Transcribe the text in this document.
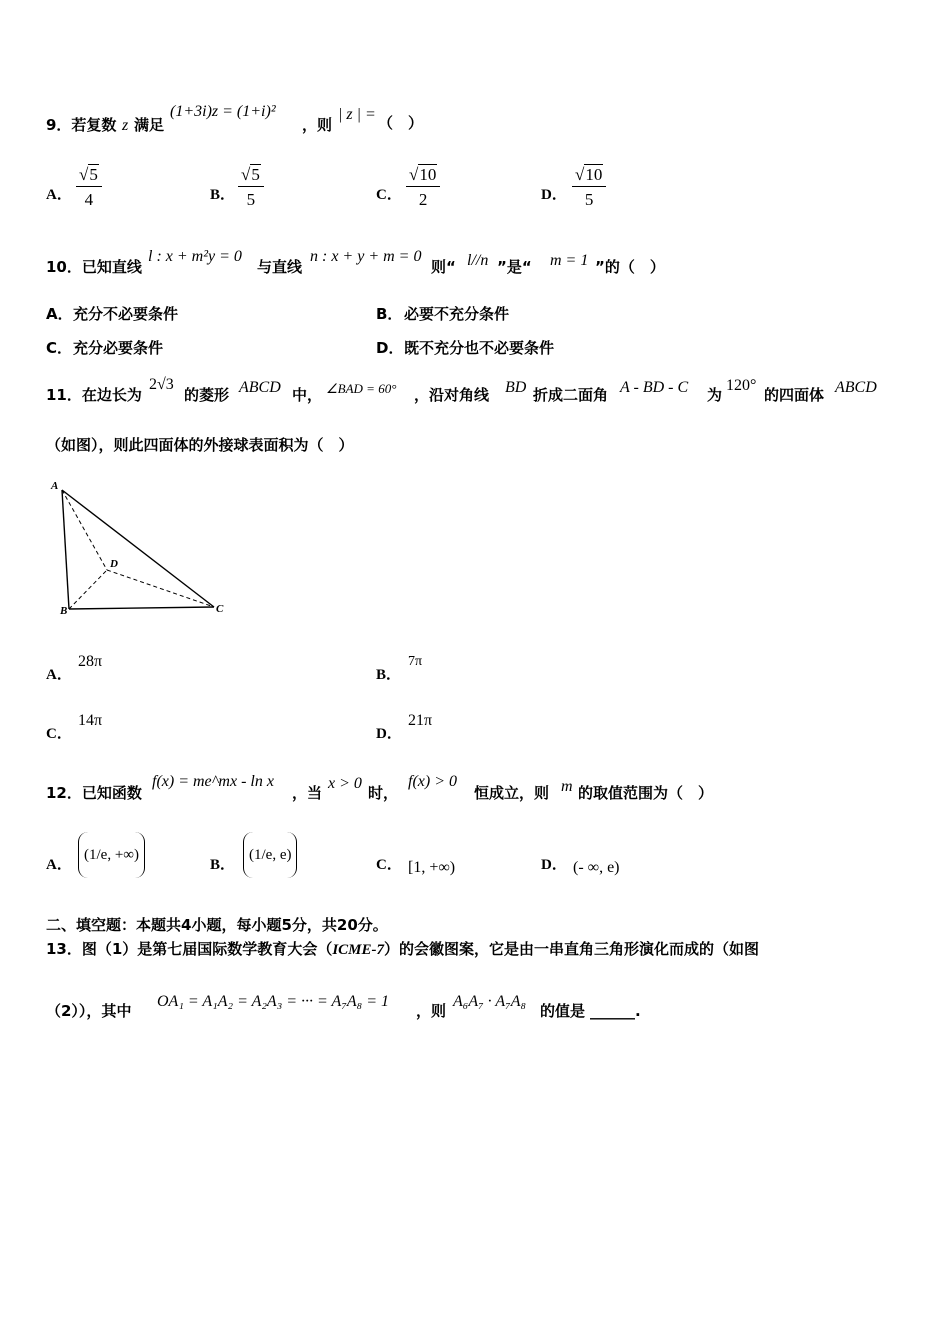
9．若复数 z 满足
(1+3i)z = (1+i)²
，则
| z | = （　）
A． $\frac{√5}{4}$	B． $\frac{√5}{5}$	C． $\frac{√10}{2}$	D． $\frac{√10}{5}$
10．已知直线
l : x + m²y = 0
与直线
n : x + y + m = 0
则“ l//n ”是“ m = 1 ”的（　）
A． 充分不必要条件	B． 必要不充分条件
C． 充分必要条件	D． 既不充分也不必要条件
11．在边长为
2√3
的菱形 ABCD 中， ∠BAD = 60° ，沿对角线 BD 折成二面角 A - BD - C 为
120°
的四面体 ABCD
（如图），则此四面体的外接球表面积为（　）
A
B	C
D
A．
28π
B．
7π
C．
14π
D．
21π
12．已知函数
f(x) = me^mx - ln x
，当
x > 0
时，
f(x) > 0
恒成立，则 m 的取值范围为（　）
A．
(1/e, +∞)
B．
(1/e, e)
C． [1, +∞)	D． (- ∞, e)
二、填空题：本题共4小题，每小题5分，共20分。
13．图（1）是第七届国际数学教育大会（ICME-7）的会徽图案，它是由一串直角三角形演化而成的（如图
（2）），其中
OA₁ = A₁A₂ = A₂A₃ = ··· = A₇A₈ = 1
，则
A₆A₇ · A₇A₈
的值是 ______.
